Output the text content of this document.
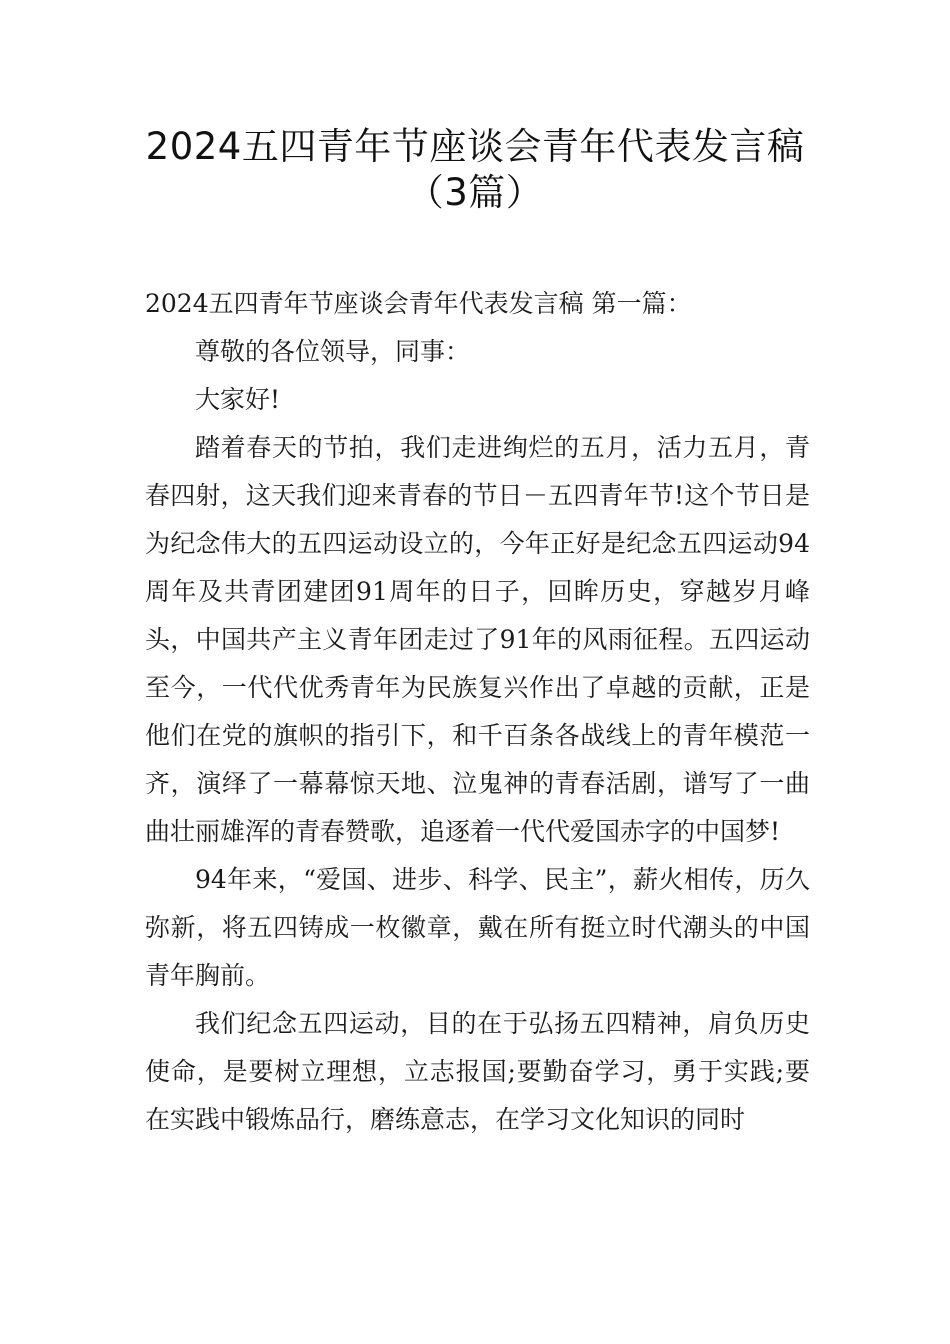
2024五四青年节座谈会青年代表发言稿
（3篇）

2024五四青年节座谈会青年代表发言稿 第一篇：

尊敬的各位领导，同事：

大家好!

踏着春天的节拍，我们走进绚烂的五月，活力五月，青春四射，这天我们迎来青春的节日－五四青年节!这个节日是为纪念伟大的五四运动设立的，今年正好是纪念五四运动94周年及共青团建团91周年的日子，回眸历史，穿越岁月峰头，中国共产主义青年团走过了91年的风雨征程。五四运动至今，一代代优秀青年为民族复兴作出了卓越的贡献，正是他们在党的旗帜的指引下，和千百条各战线上的青年模范一齐，演绎了一幕幕惊天地、泣鬼神的青春活剧，谱写了一曲曲壮丽雄浑的青春赞歌，追逐着一代代爱国赤字的中国梦!

94年来，“爱国、进步、科学、民主”，薪火相传，历久弥新，将五四铸成一枚徽章，戴在所有挺立时代潮头的中国青年胸前。

我们纪念五四运动，目的在于弘扬五四精神，肩负历史使命，是要树立理想，立志报国;要勤奋学习，勇于实践;要在实践中锻炼品行，磨练意志，在学习文化知识的同时
